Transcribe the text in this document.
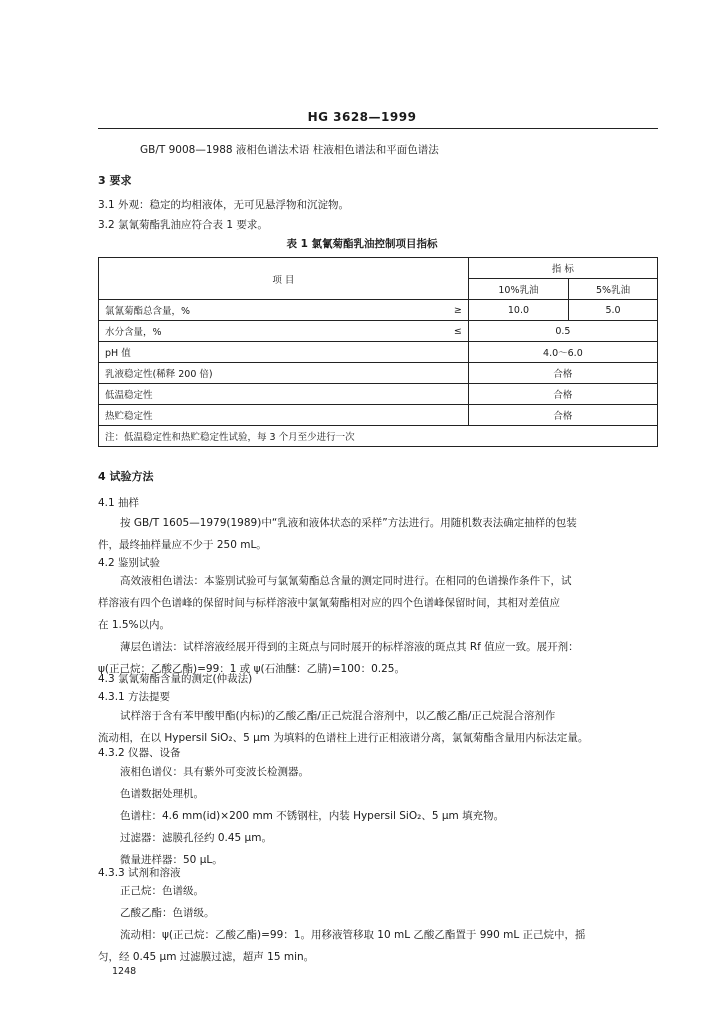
HG 3628—1999
GB/T 9008—1988 液相色谱法术语 柱液相色谱法和平面色谱法
3 要求
3.1 外观：稳定的均相液体，无可见悬浮物和沉淀物。
3.2 氯氰菊酯乳油应符合表 1 要求。
表 1 氯氰菊酯乳油控制项目指标
项 目		指 标	
		10%乳油	5%乳油
氯氰菊酯总含量，%	≥	10.0	5.0
水分含量，%	≤	0.5	
pH 值		4.0～6.0	
乳液稳定性(稀释 200 倍)		合格	
低温稳定性		合格	
热贮稳定性		合格	
注：低温稳定性和热贮稳定性试验，每 3 个月至少进行一次			
4 试验方法
4.1 抽样
按 GB/T 1605—1979(1989)中“乳液和液体状态的采样”方法进行。用随机数表法确定抽样的包装
件，最终抽样量应不少于 250 mL。
4.2 鉴别试验
高效液相色谱法：本鉴别试验可与氯氰菊酯总含量的测定同时进行。在相同的色谱操作条件下，试
样溶液有四个色谱峰的保留时间与标样溶液中氯氰菊酯相对应的四个色谱峰保留时间，其相对差值应
在 1.5%以内。
薄层色谱法：试样溶液经展开得到的主斑点与同时展开的标样溶液的斑点其 Rf 值应一致。展开剂：
ψ(正己烷：乙酸乙酯)=99：1 或 ψ(石油醚：乙腈)=100：0.25。
4.3 氯氰菊酯含量的测定(仲裁法)
4.3.1 方法提要
试样溶于含有苯甲酸甲酯(内标)的乙酸乙酯/正己烷混合溶剂中，以乙酸乙酯/正己烷混合溶剂作
流动相，在以 Hypersil SiO₂、5 μm 为填料的色谱柱上进行正相液谱分离，氯氰菊酯含量用内标法定量。
4.3.2 仪器、设备
液相色谱仪：具有紫外可变波长检测器。
色谱数据处理机。
色谱柱：4.6 mm(id)×200 mm 不锈钢柱，内装 Hypersil SiO₂、5 μm 填充物。
过滤器：滤膜孔径约 0.45 μm。
微量进样器：50 μL。
4.3.3 试剂和溶液
正己烷：色谱级。
乙酸乙酯：色谱级。
流动相：ψ(正己烷：乙酸乙酯)=99：1。用移液管移取 10 mL 乙酸乙酯置于 990 mL 正己烷中，摇
匀，经 0.45 μm 过滤膜过滤，超声 15 min。
1248
